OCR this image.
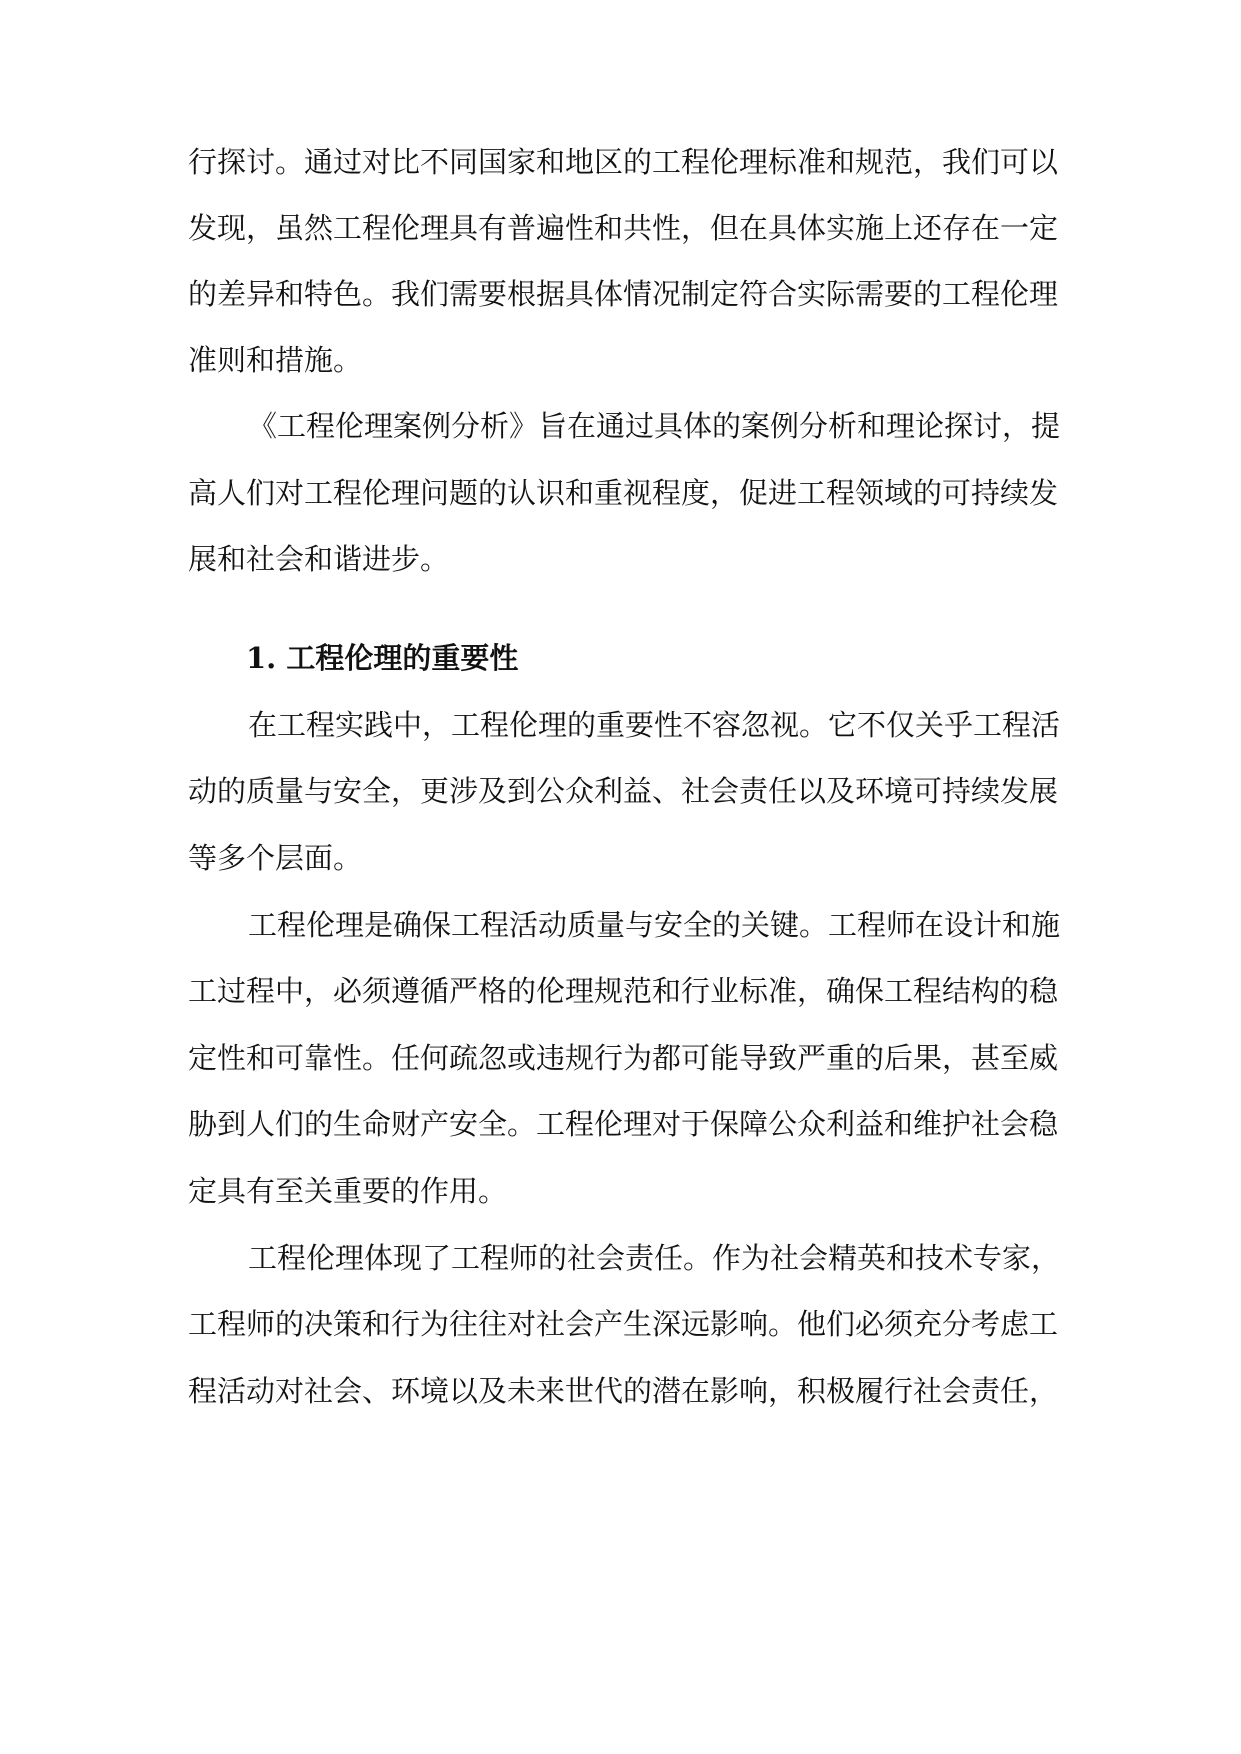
行探讨。通过对比不同国家和地区的工程伦理标准和规范，我们可以
发现，虽然工程伦理具有普遍性和共性，但在具体实施上还存在一定
的差异和特色。我们需要根据具体情况制定符合实际需要的工程伦理
准则和措施。
《工程伦理案例分析》旨在通过具体的案例分析和理论探讨，提
高人们对工程伦理问题的认识和重视程度，促进工程领域的可持续发
展和社会和谐进步。
1. 工程伦理的重要性
在工程实践中，工程伦理的重要性不容忽视。它不仅关乎工程活
动的质量与安全，更涉及到公众利益、社会责任以及环境可持续发展
等多个层面。
工程伦理是确保工程活动质量与安全的关键。工程师在设计和施
工过程中，必须遵循严格的伦理规范和行业标准，确保工程结构的稳
定性和可靠性。任何疏忽或违规行为都可能导致严重的后果，甚至威
胁到人们的生命财产安全。工程伦理对于保障公众利益和维护社会稳
定具有至关重要的作用。
工程伦理体现了工程师的社会责任。作为社会精英和技术专家，
工程师的决策和行为往往对社会产生深远影响。他们必须充分考虑工
程活动对社会、环境以及未来世代的潜在影响，积极履行社会责任，
